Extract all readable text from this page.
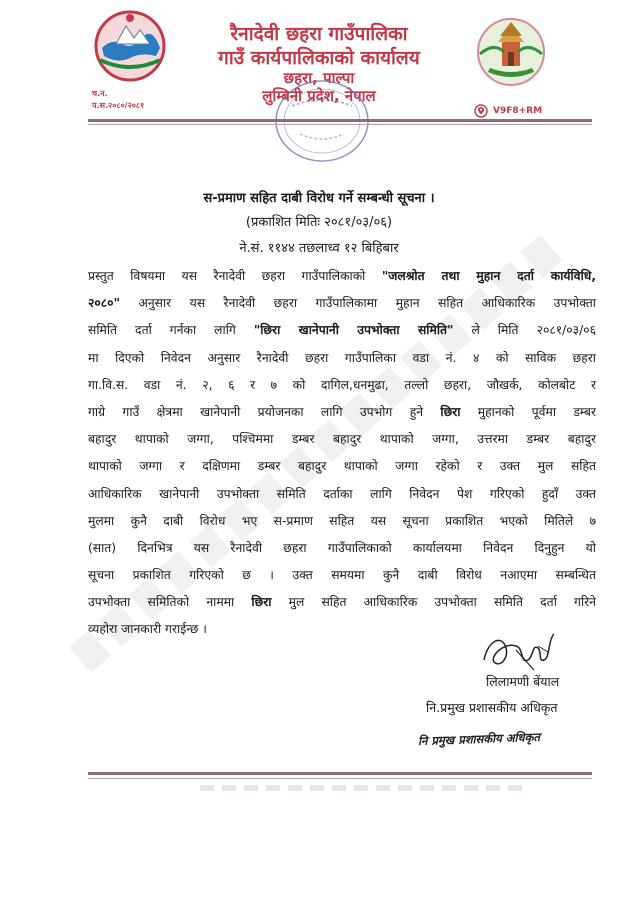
रैनादेवी छहरा गाउँपालिका
गाउँ कार्यपालिकाको कार्यालय
छहरा, पाल्पा
लुम्बिनी प्रदेश, नेपाल
च.न.
प.स.२०८०/२०८१
V9F8+RM
स-प्रमाण सहित दाबी विरोध गर्ने सम्बन्धी सूचना ।
(प्रकाशित मितिः २०८१/०३/०६)
ने.सं. ११४४ तछलाध्व १२ बिहिबार
प्रस्तुत विषयमा यस रैनादेवी छहरा गाउँपालिकाको "जलश्रोत तथा मुहान दर्ता कार्यविधि,
२०८०" अनुसार यस रैनादेवी छहरा गाउँपालिकामा मुहान सहित आधिकारिक उपभोक्ता
समिति दर्ता गर्नका लागि "छिरा खानेपानी उपभोक्ता समिति" ले मिति २०८१/०३/०६
मा दिएको निवेदन अनुसार रैनादेवी छहरा गाउँपालिका वडा नं. ४ को साविक छहरा
गा.वि.स. वडा नं. २, ६ र ७ को दागिल,धनमुढा, तल्लो छहरा, जौखर्क, कोलबोट र
गाग्रे गाउँ क्षेत्रमा खानेपानी प्रयोजनका लागि उपभोग हुने छिरा मुहानको पूर्वमा डम्बर
बहादुर थापाको जग्गा, पश्चिममा डम्बर बहादुर थापाको जग्गा, उत्तरमा डम्बर बहादुर
थापाको जग्गा र दक्षिणमा डम्बर बहादुर थापाको जग्गा रहेको र उक्त मुल सहित
आधिकारिक खानेपानी उपभोक्ता समिति दर्ताका लागि निवेदन पेश गरिएको हुदाँ उक्त
मुलमा कुनै दाबी विरोध भए स-प्रमाण सहित यस सूचना प्रकाशित भएको मितिले ७
(सात) दिनभित्र यस रैनादेवी छहरा गाउँपालिकाको कार्यालयमा निवेदन दिनुहुन यो
सूचना प्रकाशित गरिएको छ । उक्त समयमा कुनै दाबी विरोध नआएमा सम्बन्धित
उपभोक्ता समितिको नाममा छिरा मुल सहित आधिकारिक उपभोक्ता समिति दर्ता गरिने
व्यहोरा जानकारी गराईन्छ ।
लिलामणी बेंयाल
नि.प्रमुख प्रशासकीय अधिकृत
नि प्रमुख प्रशासकीय अधिकृत
